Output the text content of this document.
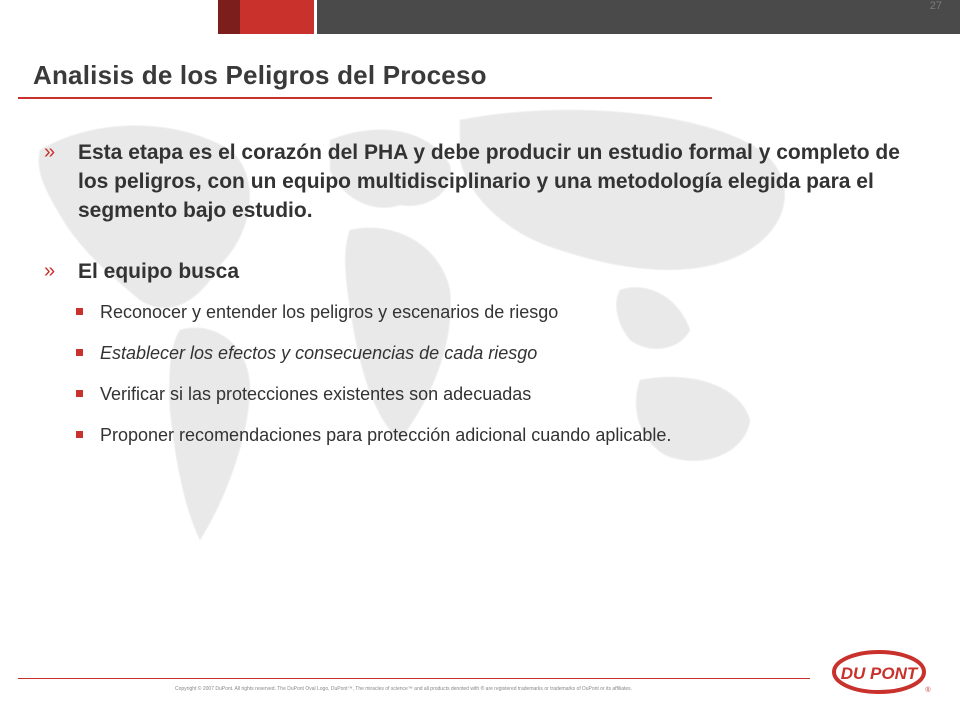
27
Analisis de los Peligros del Proceso
» Esta etapa es el corazón del PHA y debe producir un estudio formal y completo de los peligros, con un equipo multidisciplinario y una metodología elegida para el segmento bajo estudio.
» El equipo busca
Reconocer y entender los peligros y escenarios de riesgo
Establecer los efectos y consecuencias de cada riesgo
Verificar si las protecciones existentes son adecuadas
Proponer recomendaciones para protección adicional cuando aplicable.
Copyright © 2007 DuPont. All rights reserved. The DuPont Oval Logo, DuPont™, The miracles of science™ and all products denoted with ® are registered trademarks or trademarks of DuPont or its affiliates.
DU PONT
®
